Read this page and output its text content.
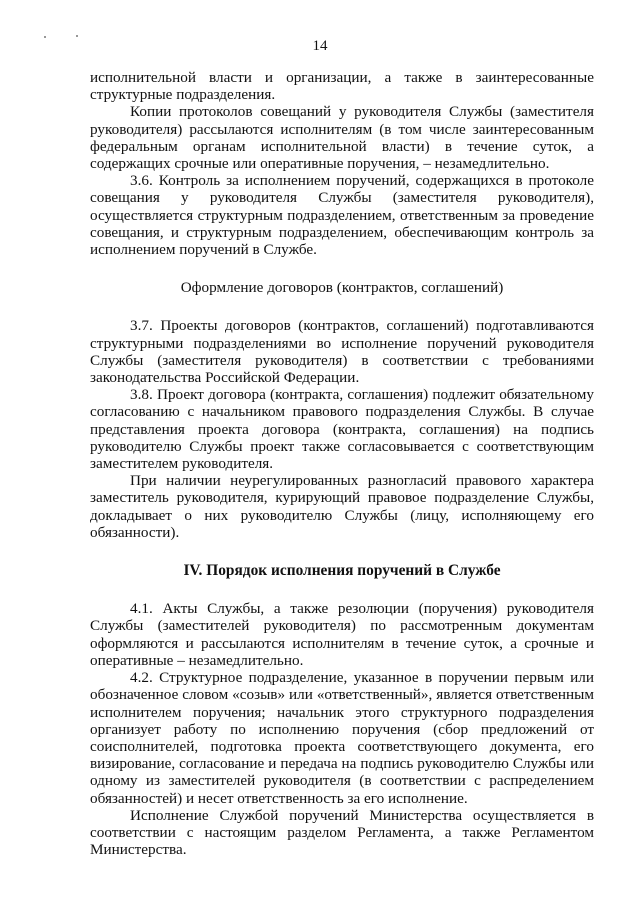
14

исполнительной власти и организации, а также в заинтересованные структурные подразделения.

Копии протоколов совещаний у руководителя Службы (заместителя руководителя) рассылаются исполнителям (в том числе заинтересованным федеральным органам исполнительной власти) в течение суток, а содержащих срочные или оперативные поручения, – незамедлительно.

3.6. Контроль за исполнением поручений, содержащихся в протоколе совещания у руководителя Службы (заместителя руководителя), осуществляется структурным подразделением, ответственным за проведение совещания, и структурным подразделением, обеспечивающим контроль за исполнением поручений в Службе.

Оформление договоров (контрактов, соглашений)

3.7. Проекты договоров (контрактов, соглашений) подготавливаются структурными подразделениями во исполнение поручений руководителя Службы (заместителя руководителя) в соответствии с требованиями законодательства Российской Федерации.

3.8. Проект договора (контракта, соглашения) подлежит обязательному согласованию с начальником правового подразделения Службы. В случае представления проекта договора (контракта, соглашения) на подпись руководителю Службы проект также согласовывается с соответствующим заместителем руководителя.

При наличии неурегулированных разногласий правового характера заместитель руководителя, курирующий правовое подразделение Службы, докладывает о них руководителю Службы (лицу, исполняющему его обязанности).

IV. Порядок исполнения поручений в Службе

4.1. Акты Службы, а также резолюции (поручения) руководителя Службы (заместителей руководителя) по рассмотренным документам оформляются и рассылаются исполнителям в течение суток, а срочные и оперативные – незамедлительно.

4.2. Структурное подразделение, указанное в поручении первым или обозначенное словом «созыв» или «ответственный», является ответственным исполнителем поручения; начальник этого структурного подразделения организует работу по исполнению поручения (сбор предложений от соисполнителей, подготовка проекта соответствующего документа, его визирование, согласование и передача на подпись руководителю Службы или одному из заместителей руководителя (в соответствии с распределением обязанностей) и несет ответственность за его исполнение.

Исполнение Службой поручений Министерства осуществляется в соответствии с настоящим разделом Регламента, а также Регламентом Министерства.
